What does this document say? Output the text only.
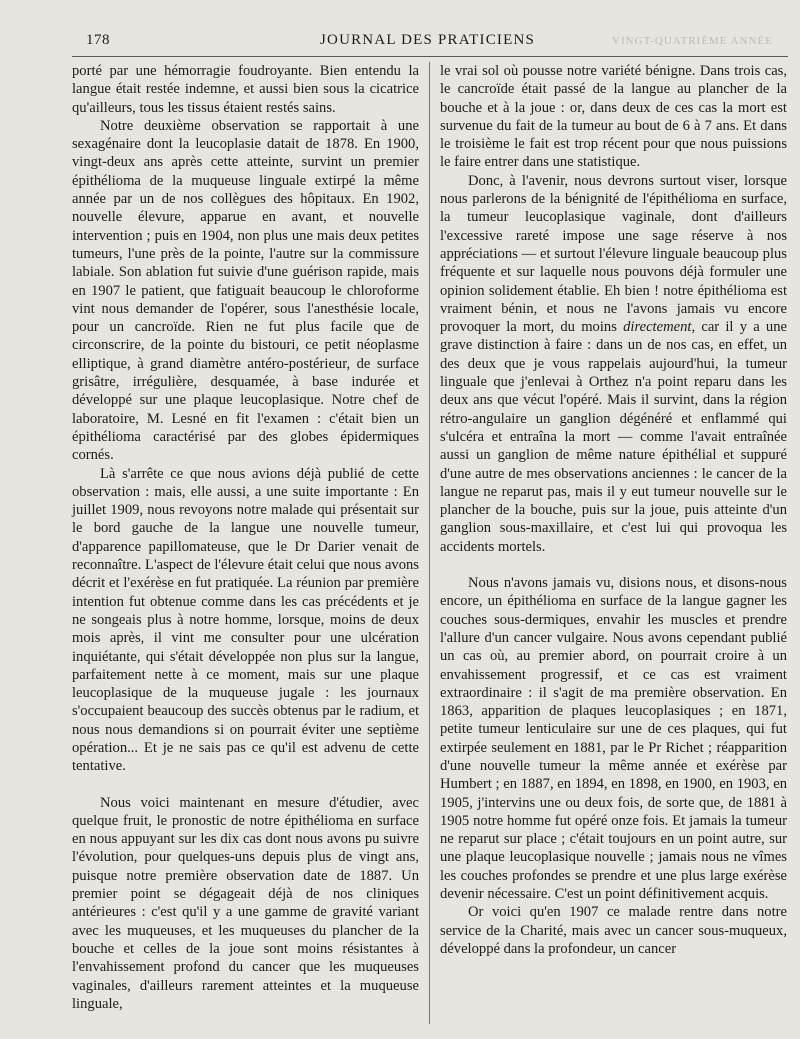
178	JOURNAL DES PRATICIENS	VINGT-QUATRIÈME ANNÉE

porté par une hémorragie foudroyante. Bien entendu la langue était restée indemne, et aussi bien sous la cicatrice qu'ailleurs, tous les tissus étaient restés sains.

Notre deuxième observation se rapportait à une sexagénaire dont la leucoplasie datait de 1878. En 1900, vingt-deux ans après cette atteinte, survint un premier épithélioma de la muqueuse linguale extirpé la même année par un de nos collègues des hôpitaux. En 1902, nouvelle élevure, apparue en avant, et nouvelle intervention ; puis en 1904, non plus une mais deux petites tumeurs, l'une près de la pointe, l'autre sur la commissure labiale. Son ablation fut suivie d'une guérison rapide, mais en 1907 le patient, que fatiguait beaucoup le chloroforme vint nous demander de l'opérer, sous l'anesthésie locale, pour un cancroïde. Rien ne fut plus facile que de circonscrire, de la pointe du bistouri, ce petit néoplasme elliptique, à grand diamètre antéro-postérieur, de surface grisâtre, irrégulière, desquamée, à base indurée et développé sur une plaque leucoplasique. Notre chef de laboratoire, M. Lesné en fit l'examen : c'était bien un épithélioma caractérisé par des globes épidermiques cornés.

Là s'arrête ce que nous avions déjà publié de cette observation : mais, elle aussi, a une suite importante : En juillet 1909, nous revoyons notre malade qui présentait sur le bord gauche de la langue une nouvelle tumeur, d'apparence papillomateuse, que le Dr Darier venait de reconnaître. L'aspect de l'élevure était celui que nous avons décrit et l'exérèse en fut pratiquée. La réunion par première intention fut obtenue comme dans les cas précédents et je ne songeais plus à notre homme, lorsque, moins de deux mois après, il vint me consulter pour une ulcération inquiétante, qui s'était développée non plus sur la langue, parfaitement nette à ce moment, mais sur une plaque leucoplasique de la muqueuse jugale : les journaux s'occupaient beaucoup des succès obtenus par le radium, et nous nous demandions si on pourrait éviter une septième opération... Et je ne sais pas ce qu'il est advenu de cette tentative.

Nous voici maintenant en mesure d'étudier, avec quelque fruit, le pronostic de notre épithélioma en surface en nous appuyant sur les dix cas dont nous avons pu suivre l'évolution, pour quelques-uns depuis plus de vingt ans, puisque notre première observation date de 1887. Un premier point se dégageait déjà de nos cliniques antérieures : c'est qu'il y a une gamme de gravité variant avec les muqueuses, et les muqueuses du plancher de la bouche et celles de la joue sont moins résistantes à l'envahissement profond du cancer que les muqueuses vaginales, d'ailleurs rarement atteintes et la muqueuse linguale,

le vrai sol où pousse notre variété bénigne. Dans trois cas, le cancroïde était passé de la langue au plancher de la bouche et à la joue : or, dans deux de ces cas la mort est survenue du fait de la tumeur au bout de 6 à 7 ans. Et dans le troisième le fait est trop récent pour que nous puissions le faire entrer dans une statistique.

Donc, à l'avenir, nous devrons surtout viser, lorsque nous parlerons de la bénignité de l'épithélioma en surface, la tumeur leucoplasique vaginale, dont d'ailleurs l'excessive rareté impose une sage réserve à nos appréciations — et surtout l'élevure linguale beaucoup plus fréquente et sur laquelle nous pouvons déjà formuler une opinion solidement établie. Eh bien ! notre épithélioma est vraiment bénin, et nous ne l'avons jamais vu encore provoquer la mort, du moins directement, car il y a une grave distinction à faire : dans un de nos cas, en effet, un des deux que je vous rappelais aujourd'hui, la tumeur linguale que j'enlevai à Orthez n'a point reparu dans les deux ans que vécut l'opéré. Mais il survint, dans la région rétro-angulaire un ganglion dégénéré et enflammé qui s'ulcéra et entraîna la mort — comme l'avait entraînée aussi un ganglion de même nature épithélial et suppuré d'une autre de mes observations anciennes : le cancer de la langue ne reparut pas, mais il y eut tumeur nouvelle sur le plancher de la bouche, puis sur la joue, puis atteinte d'un ganglion sous-maxillaire, et c'est lui qui provoqua les accidents mortels.

Nous n'avons jamais vu, disions nous, et disons-nous encore, un épithélioma en surface de la langue gagner les couches sous-dermiques, envahir les muscles et prendre l'allure d'un cancer vulgaire. Nous avons cependant publié un cas où, au premier abord, on pourrait croire à un envahissement progressif, et ce cas est vraiment extraordinaire : il s'agit de ma première observation. En 1863, apparition de plaques leucoplasiques ; en 1871, petite tumeur lenticulaire sur une de ces plaques, qui fut extirpée seulement en 1881, par le Pr Richet ; réapparition d'une nouvelle tumeur la même année et exérèse par Humbert ; en 1887, en 1894, en 1898, en 1900, en 1903, en 1905, j'intervins une ou deux fois, de sorte que, de 1881 à 1905 notre homme fut opéré onze fois. Et jamais la tumeur ne reparut sur place ; c'était toujours en un point autre, sur une plaque leucoplasique nouvelle ; jamais nous ne vîmes les couches profondes se prendre et une plus large exérèse devenir nécessaire. C'est un point définitivement acquis.

Or voici qu'en 1907 ce malade rentre dans notre service de la Charité, mais avec un cancer sous-muqueux, développé dans la profondeur, un cancer
